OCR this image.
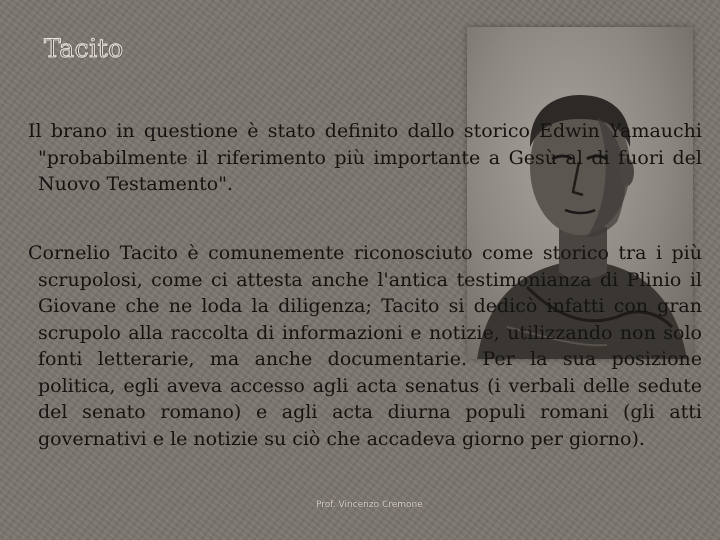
Tacito

Il brano in questione è stato definito dallo storico Edwin Yamauchi "probabilmente il riferimento più importante a Gesù al di fuori del Nuovo Testamento".

Cornelio Tacito è comunemente riconosciuto come storico tra i più scrupolosi, come ci attesta anche l'antica testimonianza di Plinio il Giovane che ne loda la diligenza; Tacito si dedicò infatti con gran scrupolo alla raccolta di informazioni e notizie, utilizzando non solo fonti letterarie, ma anche documentarie. Per la sua posizione politica, egli aveva accesso agli acta senatus (i verbali delle sedute del senato romano) e agli acta diurna populi romani (gli atti governativi e le notizie su ciò che accadeva giorno per giorno).

Prof. Vincenzo Cremone
